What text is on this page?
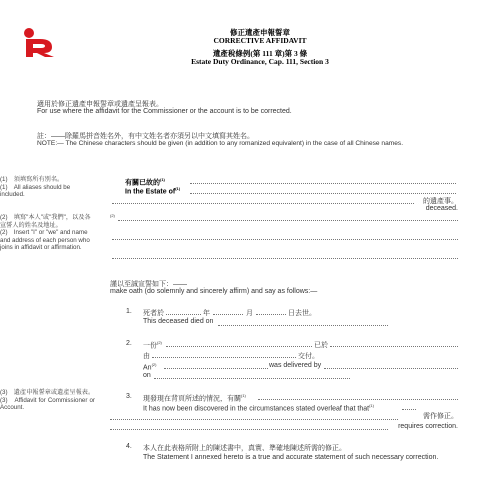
修正遺產申報誓章
CORRECTIVE AFFIDAVIT
遺產稅條例(第 111 章)第 3 條
Estate Duty Ordinance, Cap. 111, Section 3
適用於修正遺產申報誓章或遺產呈報表。
For use where the affidavit for the Commissioner or the account is to be corrected.
註：——除羅馬拼音姓名外，有中文姓名者亦須另以中文填寫其姓名。
NOTE:— The Chinese characters should be given (in addition to any romanized equivalent) in the case of all Chinese names.
(1)　須填寫所有別名。
(1)　All aliases should be included.
(2)　填寫"本人"或"我們"，以及各宣誓人的姓名及地址。
(2)　Insert "I" or "we" and name and address of each person who joins in affidavit or affirmation.
(3)　遺產申報誓章或遺產呈報表。
(3)　Affidavit for Commissioner or Account.
有關已故的$^{(1)}$
In the Estate $of^{(1)}$
的遺產事。
deceased.
(2)
謹以至誠宣誓如下：——
make oath (do solemnly and sincerely affirm) and say as follows:—
1. 死者於	年	月	日去世。
This deceased died on
2. 一份$^{(2)}$	已於
由	交付。
An$^{(2)}$	was delivered by
on
3. 現發現在背頁所述的情況，有關$^{(1)}$
It has now been discovered in the circumstances stated overleaf that that$^{(1)}$
需作修正。
requires correction.
4. 本人在此表格所附上的陳述書中，真實、準確地陳述所需的修正。
The Statement I annexed hereto is a true and accurate statement of such necessary correction.
